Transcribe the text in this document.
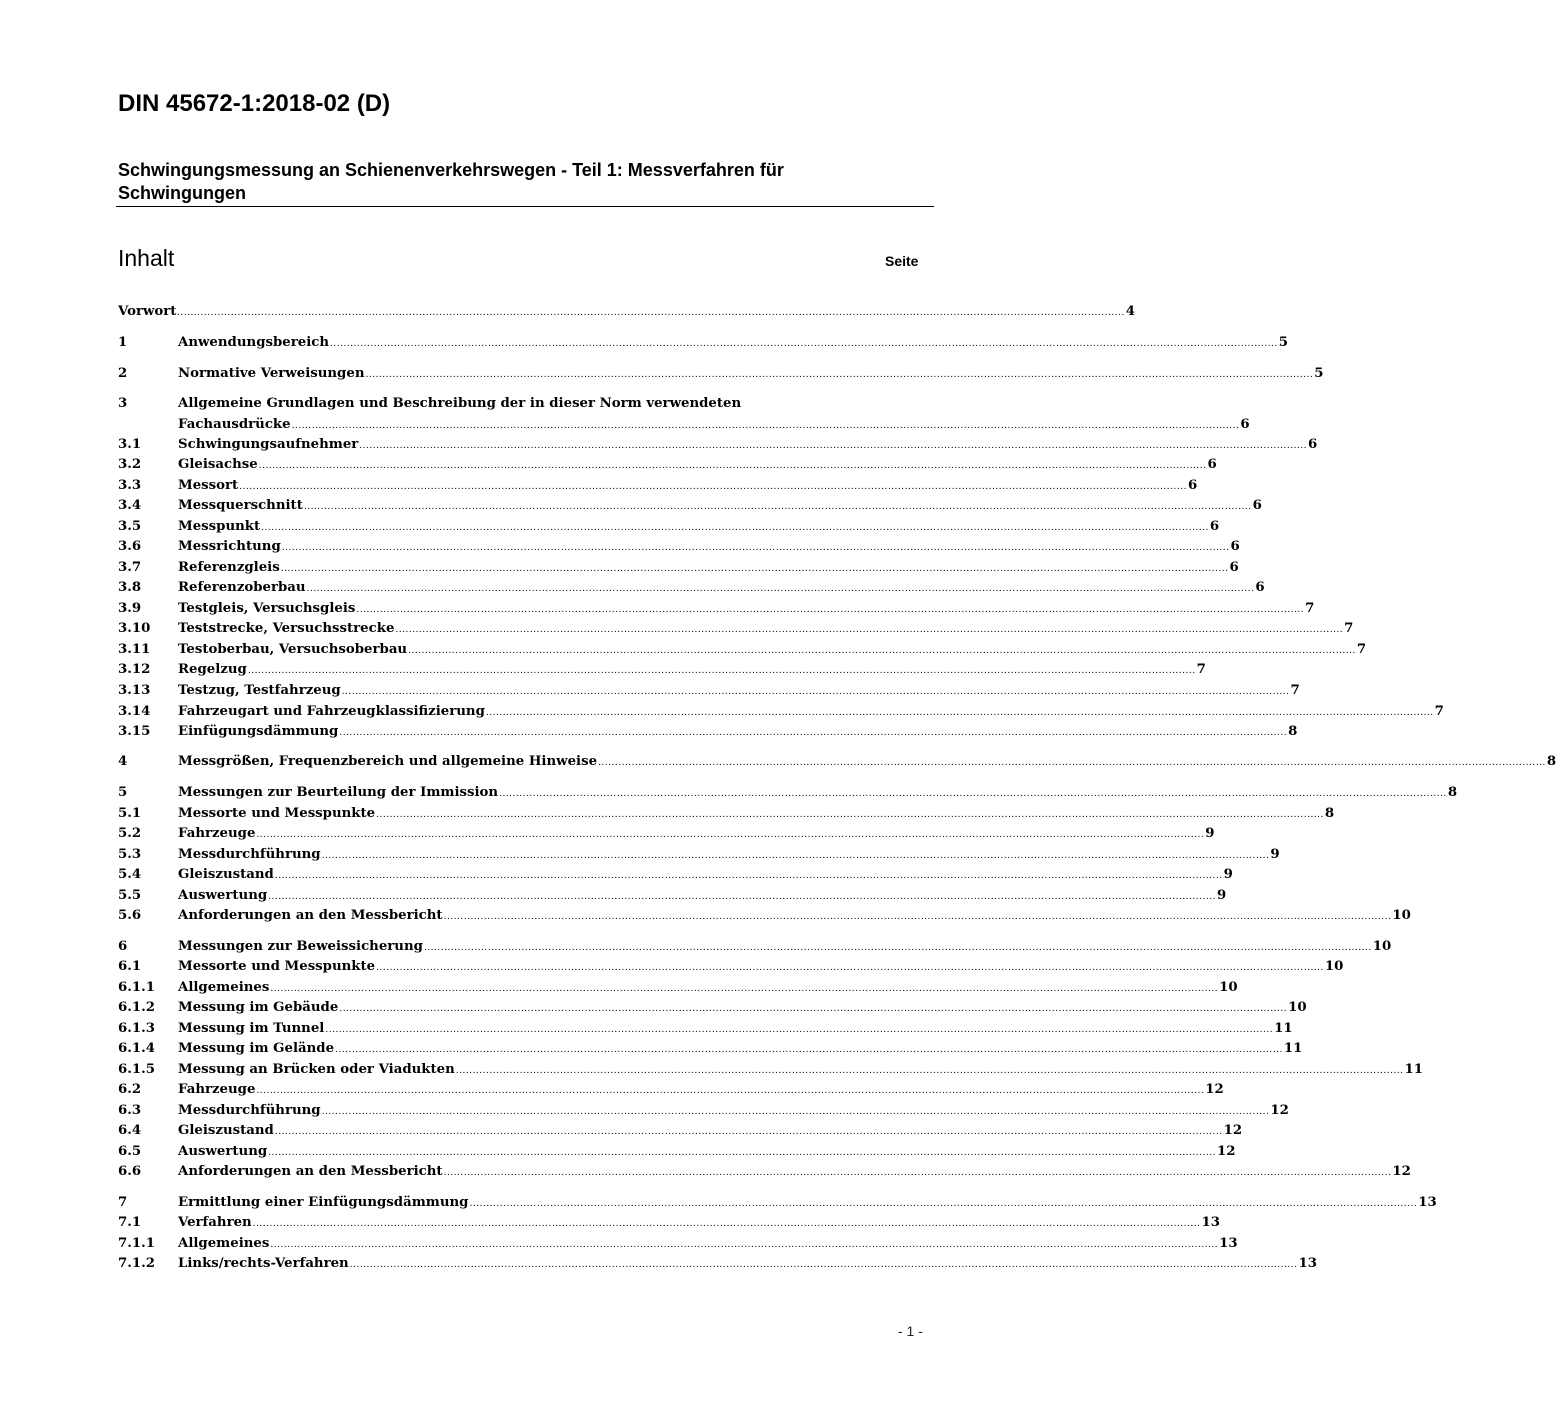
DIN 45672-1:2018-02 (D)
Schwingungsmessung an Schienenverkehrswegen - Teil 1: Messverfahren für Schwingungen
Inhalt	Seite
Vorwort .......................................................................................................................................................................................................................................................................................... 4
1	Anwendungsbereich .......................................................................................................................................................................................................................................................................................... 5
2	Normative Verweisungen .......................................................................................................................................................................................................................................................................................... 5
3	Allgemeine Grundlagen und Beschreibung der in dieser Norm verwendeten
Fachausdrücke .......................................................................................................................................................................................................................................................................................... 6
3.1	Schwingungsaufnehmer .......................................................................................................................................................................................................................................................................................... 6
3.2	Gleisachse .......................................................................................................................................................................................................................................................................................... 6
3.3	Messort .......................................................................................................................................................................................................................................................................................... 6
3.4	Messquerschnitt .......................................................................................................................................................................................................................................................................................... 6
3.5	Messpunkt .......................................................................................................................................................................................................................................................................................... 6
3.6	Messrichtung .......................................................................................................................................................................................................................................................................................... 6
3.7	Referenzgleis .......................................................................................................................................................................................................................................................................................... 6
3.8	Referenzoberbau .......................................................................................................................................................................................................................................................................................... 6
3.9	Testgleis, Versuchsgleis .......................................................................................................................................................................................................................................................................................... 7
3.10 Teststrecke, Versuchsstrecke .......................................................................................................................................................................................................................................................................................... 7
3.11 Testoberbau, Versuchsoberbau .......................................................................................................................................................................................................................................................................................... 7
3.12 Regelzug .......................................................................................................................................................................................................................................................................................... 7
3.13 Testzug, Testfahrzeug .......................................................................................................................................................................................................................................................................................... 7
3.14 Fahrzeugart und Fahrzeugklassifizierung .......................................................................................................................................................................................................................................................................................... 7
3.15 Einfügungsdämmung .......................................................................................................................................................................................................................................................................................... 8
4	Messgrößen, Frequenzbereich und allgemeine Hinweise .......................................................................................................................................................................................................................................................................................... 8
5	Messungen zur Beurteilung der Immission .......................................................................................................................................................................................................................................................................................... 8
5.1	Messorte und Messpunkte .......................................................................................................................................................................................................................................................................................... 8
5.2	Fahrzeuge .......................................................................................................................................................................................................................................................................................... 9
5.3	Messdurchführung .......................................................................................................................................................................................................................................................................................... 9
5.4	Gleiszustand .......................................................................................................................................................................................................................................................................................... 9
5.5	Auswertung .......................................................................................................................................................................................................................................................................................... 9
5.6	Anforderungen an den Messbericht .......................................................................................................................................................................................................................................................................................... 10
6	Messungen zur Beweissicherung .......................................................................................................................................................................................................................................................................................... 10
6.1	Messorte und Messpunkte .......................................................................................................................................................................................................................................................................................... 10
6.1.1 Allgemeines .......................................................................................................................................................................................................................................................................................... 10
6.1.2 Messung im Gebäude .......................................................................................................................................................................................................................................................................................... 10
6.1.3 Messung im Tunnel .......................................................................................................................................................................................................................................................................................... 11
6.1.4 Messung im Gelände .......................................................................................................................................................................................................................................................................................... 11
6.1.5 Messung an Brücken oder Viadukten .......................................................................................................................................................................................................................................................................................... 11
6.2	Fahrzeuge .......................................................................................................................................................................................................................................................................................... 12
6.3	Messdurchführung .......................................................................................................................................................................................................................................................................................... 12
6.4	Gleiszustand .......................................................................................................................................................................................................................................................................................... 12
6.5	Auswertung .......................................................................................................................................................................................................................................................................................... 12
6.6	Anforderungen an den Messbericht .......................................................................................................................................................................................................................................................................................... 12
7	Ermittlung einer Einfügungsdämmung .......................................................................................................................................................................................................................................................................................... 13
7.1	Verfahren .......................................................................................................................................................................................................................................................................................... 13
7.1.1 Allgemeines .......................................................................................................................................................................................................................................................................................... 13
7.1.2 Links/rechts-Verfahren .......................................................................................................................................................................................................................................................................................... 13
- 1 -
